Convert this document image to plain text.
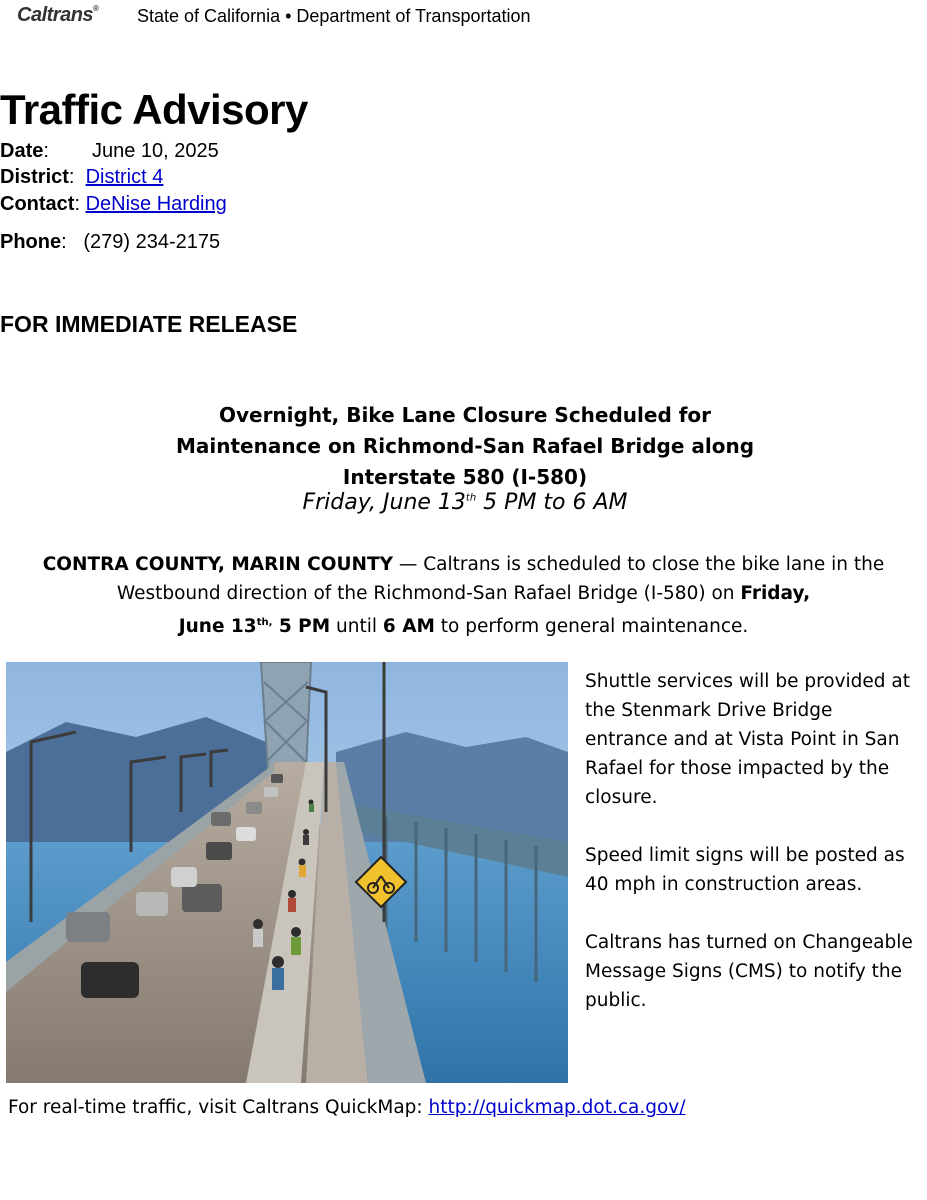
Caltrans® State of California • Department of Transportation
Traffic Advisory
Date: June 10, 2025
District:  District 4
Contact: DeNise Harding
Phone:   (279) 234-2175
FOR IMMEDIATE RELEASE
Overnight, Bike Lane Closure Scheduled for
Maintenance on Richmond-San Rafael Bridge along
Interstate 580 (I-580)
Friday, June 13th 5 PM to 6 AM
CONTRA COUNTY, MARIN COUNTY — Caltrans is scheduled to close the bike lane in the Westbound direction of the Richmond-San Rafael Bridge (I-580) on Friday,
June $13^{th,}$ 5 PM until 6 AM to perform general maintenance.

Shuttle services will be provided at the Stenmark Drive Bridge entrance and at Vista Point in San Rafael for those impacted by the closure.

Speed limit signs will be posted as 40 mph in construction areas.

Caltrans has turned on Changeable Message Signs (CMS) to notify the public.

For real-time traffic, visit Caltrans QuickMap: http://quickmap.dot.ca.gov/
